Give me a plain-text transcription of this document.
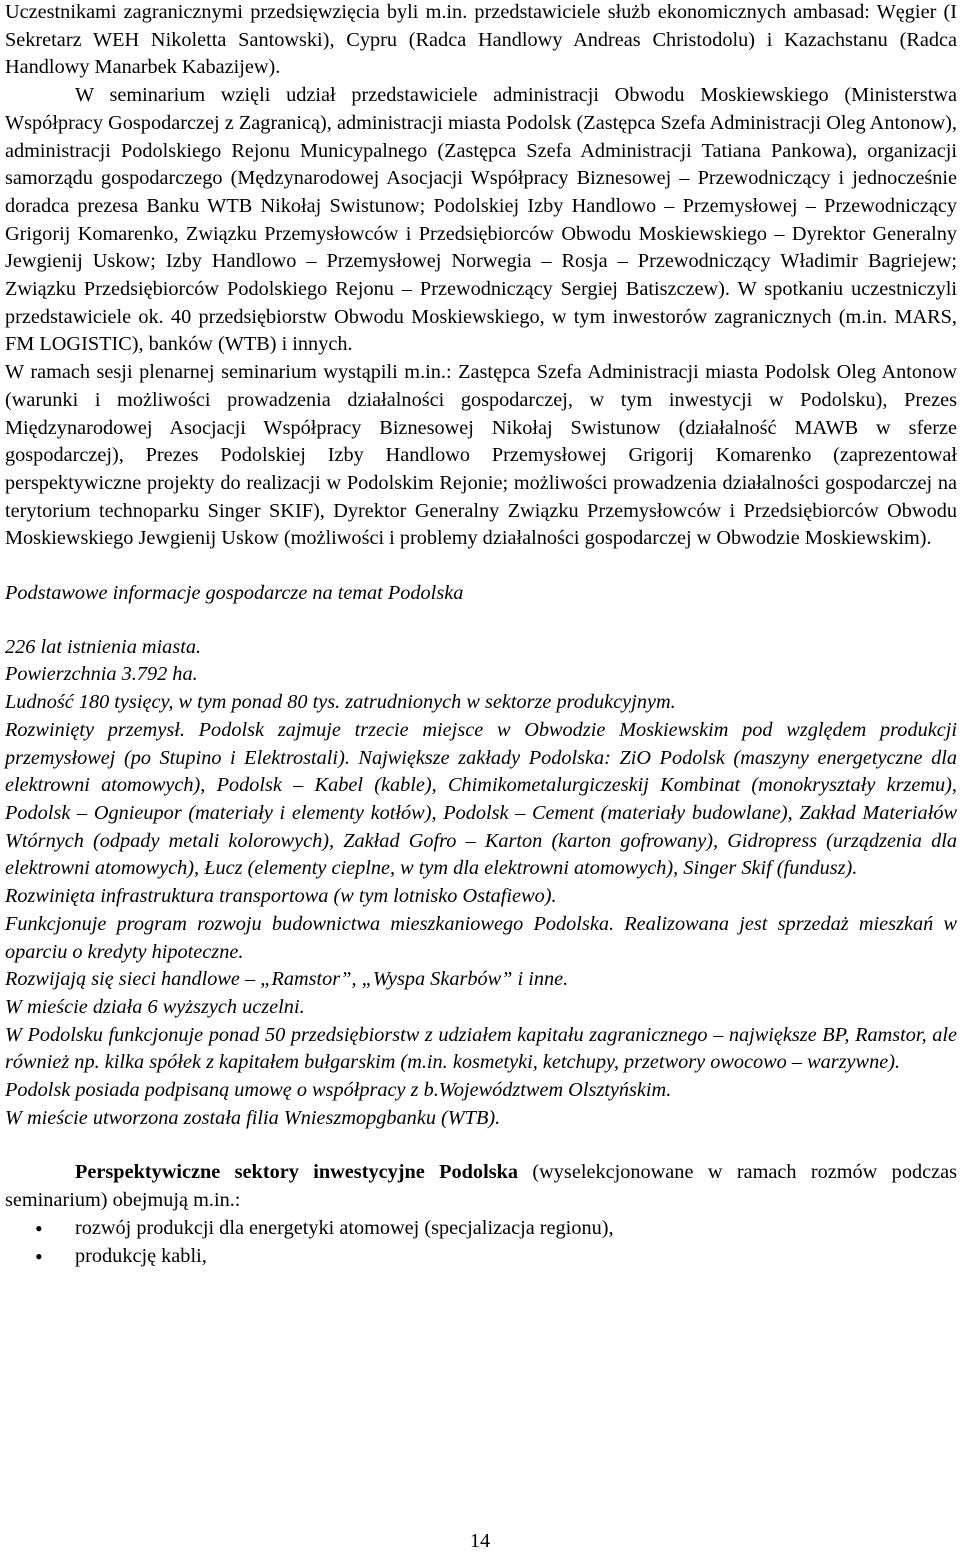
Uczestnikami zagranicznymi przedsięwzięcia byli m.in. przedstawiciele służb ekonomicznych ambasad: Węgier (I Sekretarz WEH Nikoletta Santowski), Cypru (Radca Handlowy Andreas Christodolu) i Kazachstanu (Radca Handlowy Manarbek Kabazijew).

W seminarium wzięli udział przedstawiciele administracji Obwodu Moskiewskiego (Ministerstwa Współpracy Gospodarczej z Zagranicą), administracji miasta Podolsk (Zastępca Szefa Administracji Oleg Antonow), administracji Podolskiego Rejonu Municypalnego (Zastępca Szefa Administracji Tatiana Pankowa), organizacji samorządu gospodarczego (Mędzynarodowej Asocjacji Współpracy Biznesowej – Przewodniczący i jednocześnie doradca prezesa Banku WTB Nikołaj Swistunow; Podolskiej Izby Handlowo – Przemysłowej – Przewodniczący Grigorij Komarenko, Związku Przemysłowców i Przedsiębiorców Obwodu Moskiewskiego – Dyrektor Generalny Jewgienij Uskow; Izby Handlowo – Przemysłowej Norwegia – Rosja – Przewodniczący Władimir Bagriejew; Związku Przedsiębiorców Podolskiego Rejonu – Przewodniczący Sergiej Batiszczew). W spotkaniu uczestniczyli przedstawiciele ok. 40 przedsiębiorstw Obwodu Moskiewskiego, w tym inwestorów zagranicznych (m.in. MARS, FM LOGISTIC), banków (WTB) i innych.

W ramach sesji plenarnej seminarium wystąpili m.in.: Zastępca Szefa Administracji miasta Podolsk Oleg Antonow (warunki i możliwości prowadzenia działalności gospodarczej, w tym inwestycji w Podolsku), Prezes Międzynarodowej Asocjacji Współpracy Biznesowej Nikołaj Swistunow (działalność MAWB w sferze gospodarczej), Prezes Podolskiej Izby Handlowo Przemysłowej Grigorij Komarenko (zaprezentował perspektywiczne projekty do realizacji w Podolskim Rejonie; możliwości prowadzenia działalności gospodarczej na terytorium technoparku Singer SKIF), Dyrektor Generalny Związku Przemysłowców i Przedsiębiorców Obwodu Moskiewskiego Jewgienij Uskow (możliwości i problemy działalności gospodarczej w Obwodzie Moskiewskim).

Podstawowe informacje gospodarcze na temat Podolska

226 lat istnienia miasta.

Powierzchnia 3.792 ha.

Ludność 180 tysięcy, w tym ponad 80 tys. zatrudnionych w sektorze produkcyjnym.

Rozwinięty przemysł. Podolsk zajmuje trzecie miejsce w Obwodzie Moskiewskim pod względem produkcji przemysłowej (po Stupino i Elektrostali). Największe zakłady Podolska: ZiO Podolsk (maszyny energetyczne dla elektrowni atomowych), Podolsk – Kabel (kable), Chimikometalurgiczeskij Kombinat (monokryształy krzemu), Podolsk – Ognieupor (materiały i elementy kotłów), Podolsk – Cement (materiały budowlane), Zakład Materiałów Wtórnych (odpady metali kolorowych), Zakład Gofro – Karton (karton gofrowany), Gidropress (urządzenia dla elektrowni atomowych), Łucz (elementy cieplne, w tym dla elektrowni atomowych), Singer Skif (fundusz).

Rozwinięta infrastruktura transportowa (w tym lotnisko Ostafiewo).

Funkcjonuje program rozwoju budownictwa mieszkaniowego Podolska. Realizowana jest sprzedaż mieszkań w oparciu o kredyty hipoteczne.

Rozwijają się sieci handlowe – „Ramstor”, „Wyspa Skarbów” i inne.

W mieście działa 6 wyższych uczelni.

W Podolsku funkcjonuje ponad 50 przedsiębiorstw z udziałem kapitału zagranicznego – największe BP, Ramstor, ale również np. kilka spółek z kapitałem bułgarskim (m.in. kosmetyki, ketchupy, przetwory owocowo – warzywne).

Podolsk posiada podpisaną umowę o współpracy z b.Województwem Olsztyńskim.

W mieście utworzona została filia Wnieszторgbanku (WTB).

Perspektywiczne sektory inwestycyjne Podolska (wyselekcjonowane w ramach rozmów podczas seminarium) obejmują m.in.:

• rozwój produkcji dla energetyki atomowej (specjalizacja regionu),
• produkcję kabli,
14
